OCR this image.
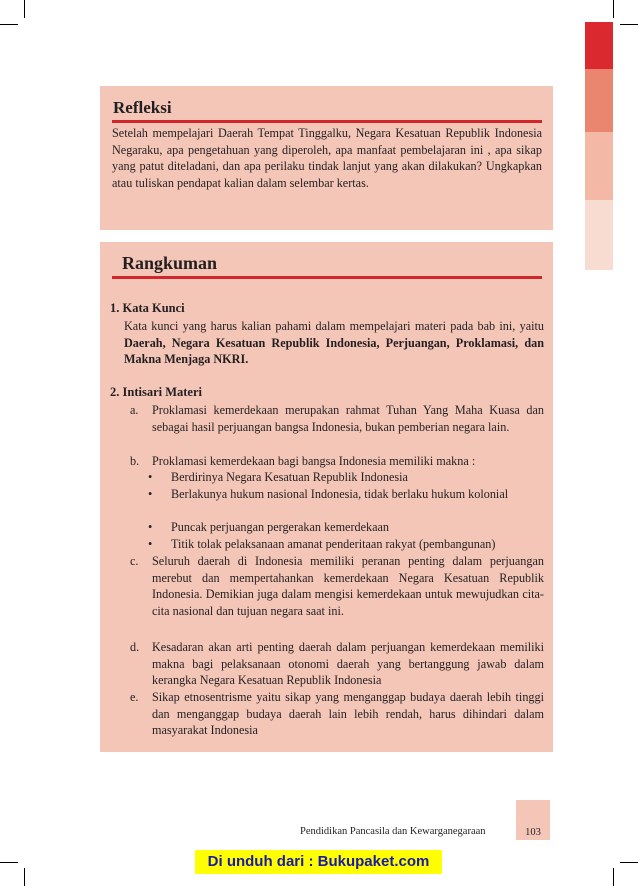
Refleksi
Setelah mempelajari Daerah Tempat Tinggalku, Negara Kesatuan Republik Indonesia Negaraku, apa pengetahuan yang diperoleh, apa manfaat pembelajaran ini , apa sikap yang patut diteladani, dan apa perilaku tindak lanjut yang akan dilakukan? Ungkapkan atau tuliskan pendapat kalian dalam selembar kertas.
Rangkuman
1. Kata Kunci
Kata kunci yang harus kalian pahami dalam mempelajari materi pada bab ini, yaitu Daerah, Negara Kesatuan Republik Indonesia, Perjuangan, Proklamasi, dan Makna Menjaga NKRI.
2. Intisari Materi
a. Proklamasi kemerdekaan merupakan rahmat Tuhan Yang Maha Kuasa dan sebagai hasil perjuangan bangsa Indonesia, bukan pemberian negara lain.
b. Proklamasi kemerdekaan bagi bangsa Indonesia memiliki makna :
• Berdirinya Negara Kesatuan Republik Indonesia
• Berlakunya hukum nasional Indonesia, tidak berlaku hukum kolonial
• Puncak perjuangan pergerakan kemerdekaan
• Titik tolak pelaksanaan amanat penderitaan rakyat (pembangunan)
c. Seluruh daerah di Indonesia memiliki peranan penting dalam perjuangan merebut dan mempertahankan kemerdekaan Negara Kesatuan Republik Indonesia. Demikian juga dalam mengisi kemerdekaan untuk mewujudkan cita-cita nasional dan tujuan negara saat ini.
d. Kesadaran akan arti penting daerah dalam perjuangan kemerdekaan memiliki makna bagi pelaksanaan otonomi daerah yang bertanggung jawab dalam kerangka Negara Kesatuan Republik Indonesia
e. Sikap etnosentrisme yaitu sikap yang menganggap budaya daerah lebih tinggi dan menganggap budaya daerah lain lebih rendah, harus dihindari dalam masyarakat Indonesia
103
Pendidikan Pancasila dan Kewarganegaraan
Di unduh dari : Bukupaket.com
